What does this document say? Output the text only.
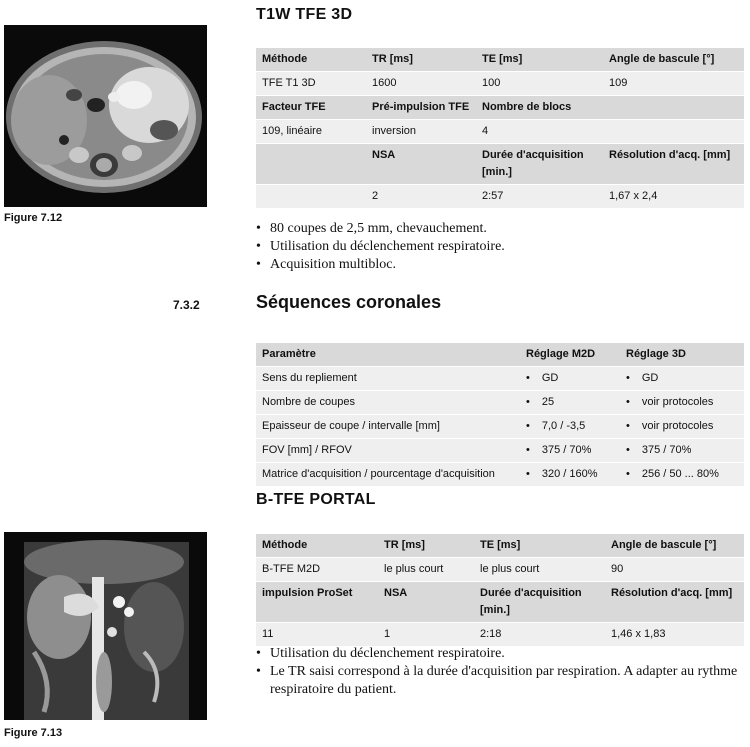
Figure 7.12
Figure 7.13
T1W TFE 3D
Méthode	TR [ms]	TE [ms]	Angle de bascule [°]
TFE T1 3D	1600	100	109
Facteur TFE	Pré-impulsion TFE	Nombre de blocs	
109, linéaire	inversion	4	
	NSA	Durée d'acquisition [min.]	Résolution d'acq. [mm]
	2	2:57	1,67 x 2,4
• 80 coupes de 2,5 mm, chevauchement.
• Utilisation du déclenchement respiratoire.
• Acquisition multibloc.
7.3.2	Séquences coronales
Paramètre	Réglage M2D	Réglage 3D
Sens du repliement	• GD	• GD
Nombre de coupes	• 25	• voir protocoles
Epaisseur de coupe / intervalle [mm]	• 7,0 / -3,5	• voir protocoles
FOV [mm] / RFOV	• 375 / 70%	• 375 / 70%
Matrice d'acquisition / pourcentage d'acquisition	• 320 / 160%	• 256 / 50 ... 80%
B-TFE PORTAL
Méthode	TR [ms]	TE [ms]	Angle de bascule [°]
B-TFE M2D	le plus court	le plus court	90
impulsion ProSet	NSA	Durée d'acquisition [min.]	Résolution d'acq. [mm]
11	1	2:18	1,46 x 1,83
• Utilisation du déclenchement respiratoire.
• Le TR saisi correspond à la durée d'acquisition par respiration. A adapter au rythme respiratoire du patient.
